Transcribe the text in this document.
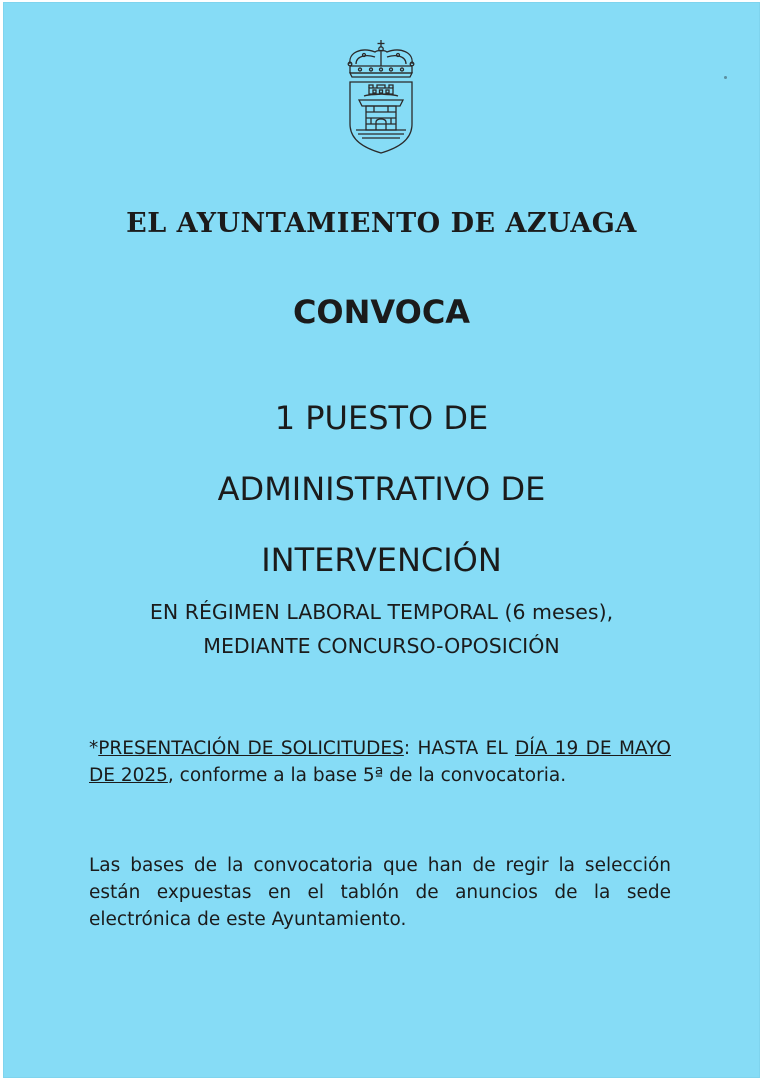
EL AYUNTAMIENTO DE AZUAGA
CONVOCA
1 PUESTO DE
ADMINISTRATIVO DE
INTERVENCIÓN
EN RÉGIMEN LABORAL TEMPORAL (6 meses),
MEDIANTE CONCURSO-OPOSICIÓN

*PRESENTACIÓN DE SOLICITUDES: HASTA EL DÍA 19 DE MAYO DE 2025, conforme a la base 5ª de la convocatoria.

Las bases de la convocatoria que han de regir la selección están expuestas en el tablón de anuncios de la sede electrónica de este Ayuntamiento.
